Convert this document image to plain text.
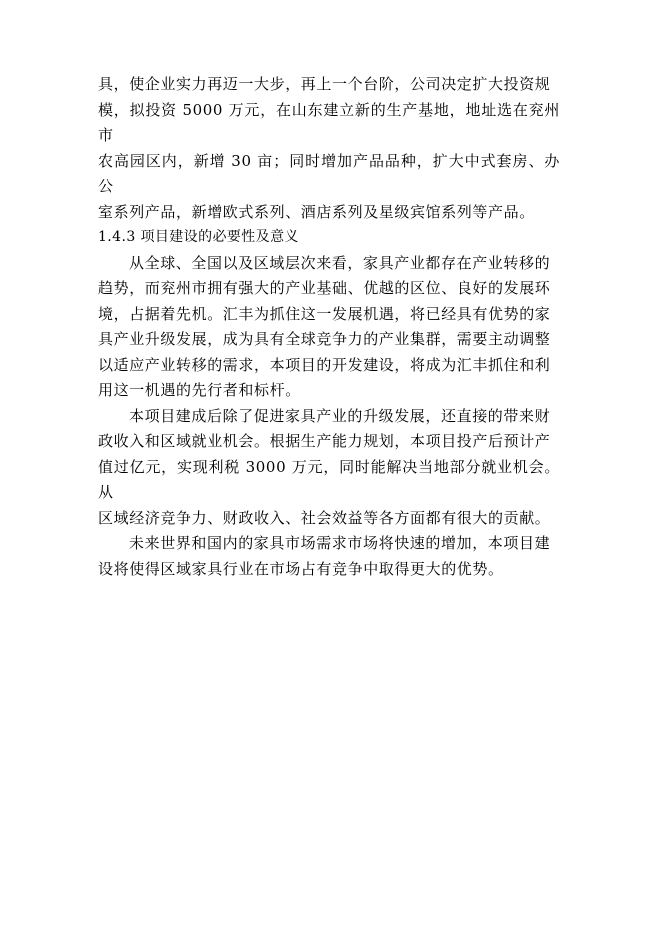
具，使企业实力再迈一大步，再上一个台阶，公司决定扩大投资规
模，拟投资 5000 万元，在山东建立新的生产基地，地址选在兖州市
农高园区内，新增 30 亩；同时增加产品品种，扩大中式套房、办公
室系列产品，新增欧式系列、酒店系列及星级宾馆系列等产品。

1.4.3 项目建设的必要性及意义

从全球、全国以及区域层次来看，家具产业都存在产业转移的
趋势，而兖州市拥有强大的产业基础、优越的区位、良好的发展环
境，占据着先机。汇丰为抓住这一发展机遇，将已经具有优势的家
具产业升级发展，成为具有全球竞争力的产业集群，需要主动调整
以适应产业转移的需求，本项目的开发建设，将成为汇丰抓住和利
用这一机遇的先行者和标杆。

本项目建成后除了促进家具产业的升级发展，还直接的带来财
政收入和区域就业机会。根据生产能力规划，本项目投产后预计产
值过亿元，实现利税 3000 万元，同时能解决当地部分就业机会。从
区域经济竞争力、财政收入、社会效益等各方面都有很大的贡献。

未来世界和国内的家具市场需求市场将快速的增加，本项目建
设将使得区域家具行业在市场占有竞争中取得更大的优势。
